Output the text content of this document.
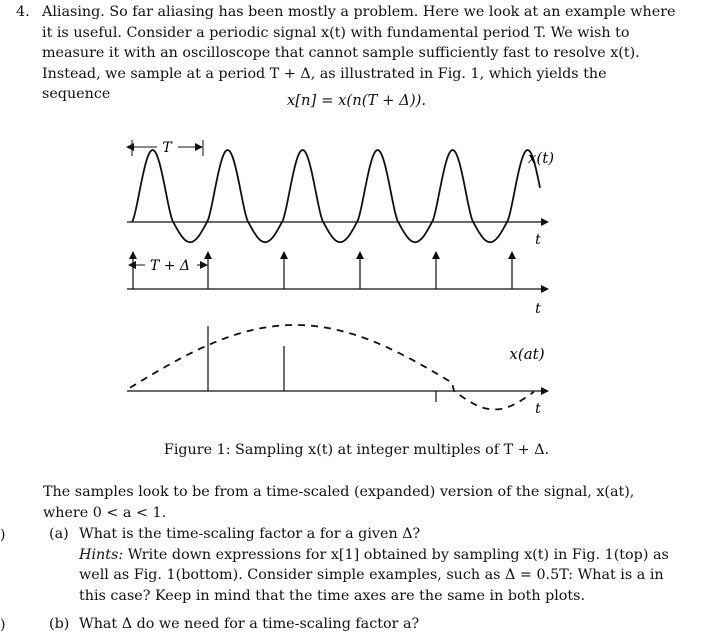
4. Aliasing. So far aliasing has been mostly a problem. Here we look at an example where it is useful. Consider a periodic signal x(t) with fundamental period T. We wish to measure it with an oscilloscope that cannot sample sufficiently fast to resolve x(t). Instead, we sample at a period T + Δ, as illustrated in Fig. 1, which yields the sequence	x[n] = x(n(T + Δ)).
T
x(t)
t
t
T + Δ
x(at)
t
Figure 1: Sampling x(t) at integer multiples of T + Δ.
The samples look to be from a time-scaled (expanded) version of the signal, x(at), where 0 < a < 1.
)	(a) What is the time-scaling factor a for a given Δ?
Hints: Write down expressions for x[1] obtained by sampling x(t) in Fig. 1(top) as well as Fig. 1(bottom). Consider simple examples, such as Δ = 0.5T: What is a in this case? Keep in mind that the time axes are the same in both plots.
)	(b) What Δ do we need for a time-scaling factor a?
